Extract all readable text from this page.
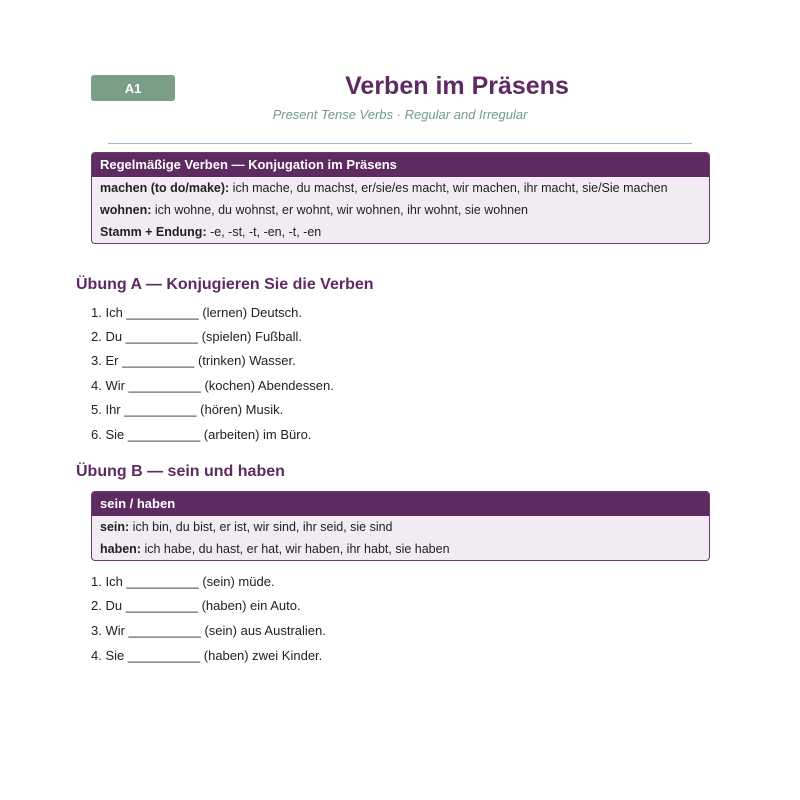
A1	Verben im Präsens
Present Tense Verbs · Regular and Irregular
Regelmäßige Verben — Konjugation im Präsens
machen (to do/make): ich mache, du machst, er/sie/es macht, wir machen, ihr macht, sie/Sie machen
wohnen: ich wohne, du wohnst, er wohnt, wir wohnen, ihr wohnt, sie wohnen
Stamm + Endung: -e, -st, -t, -en, -t, -en
Übung A — Konjugieren Sie die Verben
1. Ich __________ (lernen) Deutsch.
2. Du __________ (spielen) Fußball.
3. Er __________ (trinken) Wasser.
4. Wir __________ (kochen) Abendessen.
5. Ihr __________ (hören) Musik.
6. Sie __________ (arbeiten) im Büro.
Übung B — sein und haben
sein / haben
sein: ich bin, du bist, er ist, wir sind, ihr seid, sie sind
haben: ich habe, du hast, er hat, wir haben, ihr habt, sie haben
1. Ich __________ (sein) müde.
2. Du __________ (haben) ein Auto.
3. Wir __________ (sein) aus Australien.
4. Sie __________ (haben) zwei Kinder.
